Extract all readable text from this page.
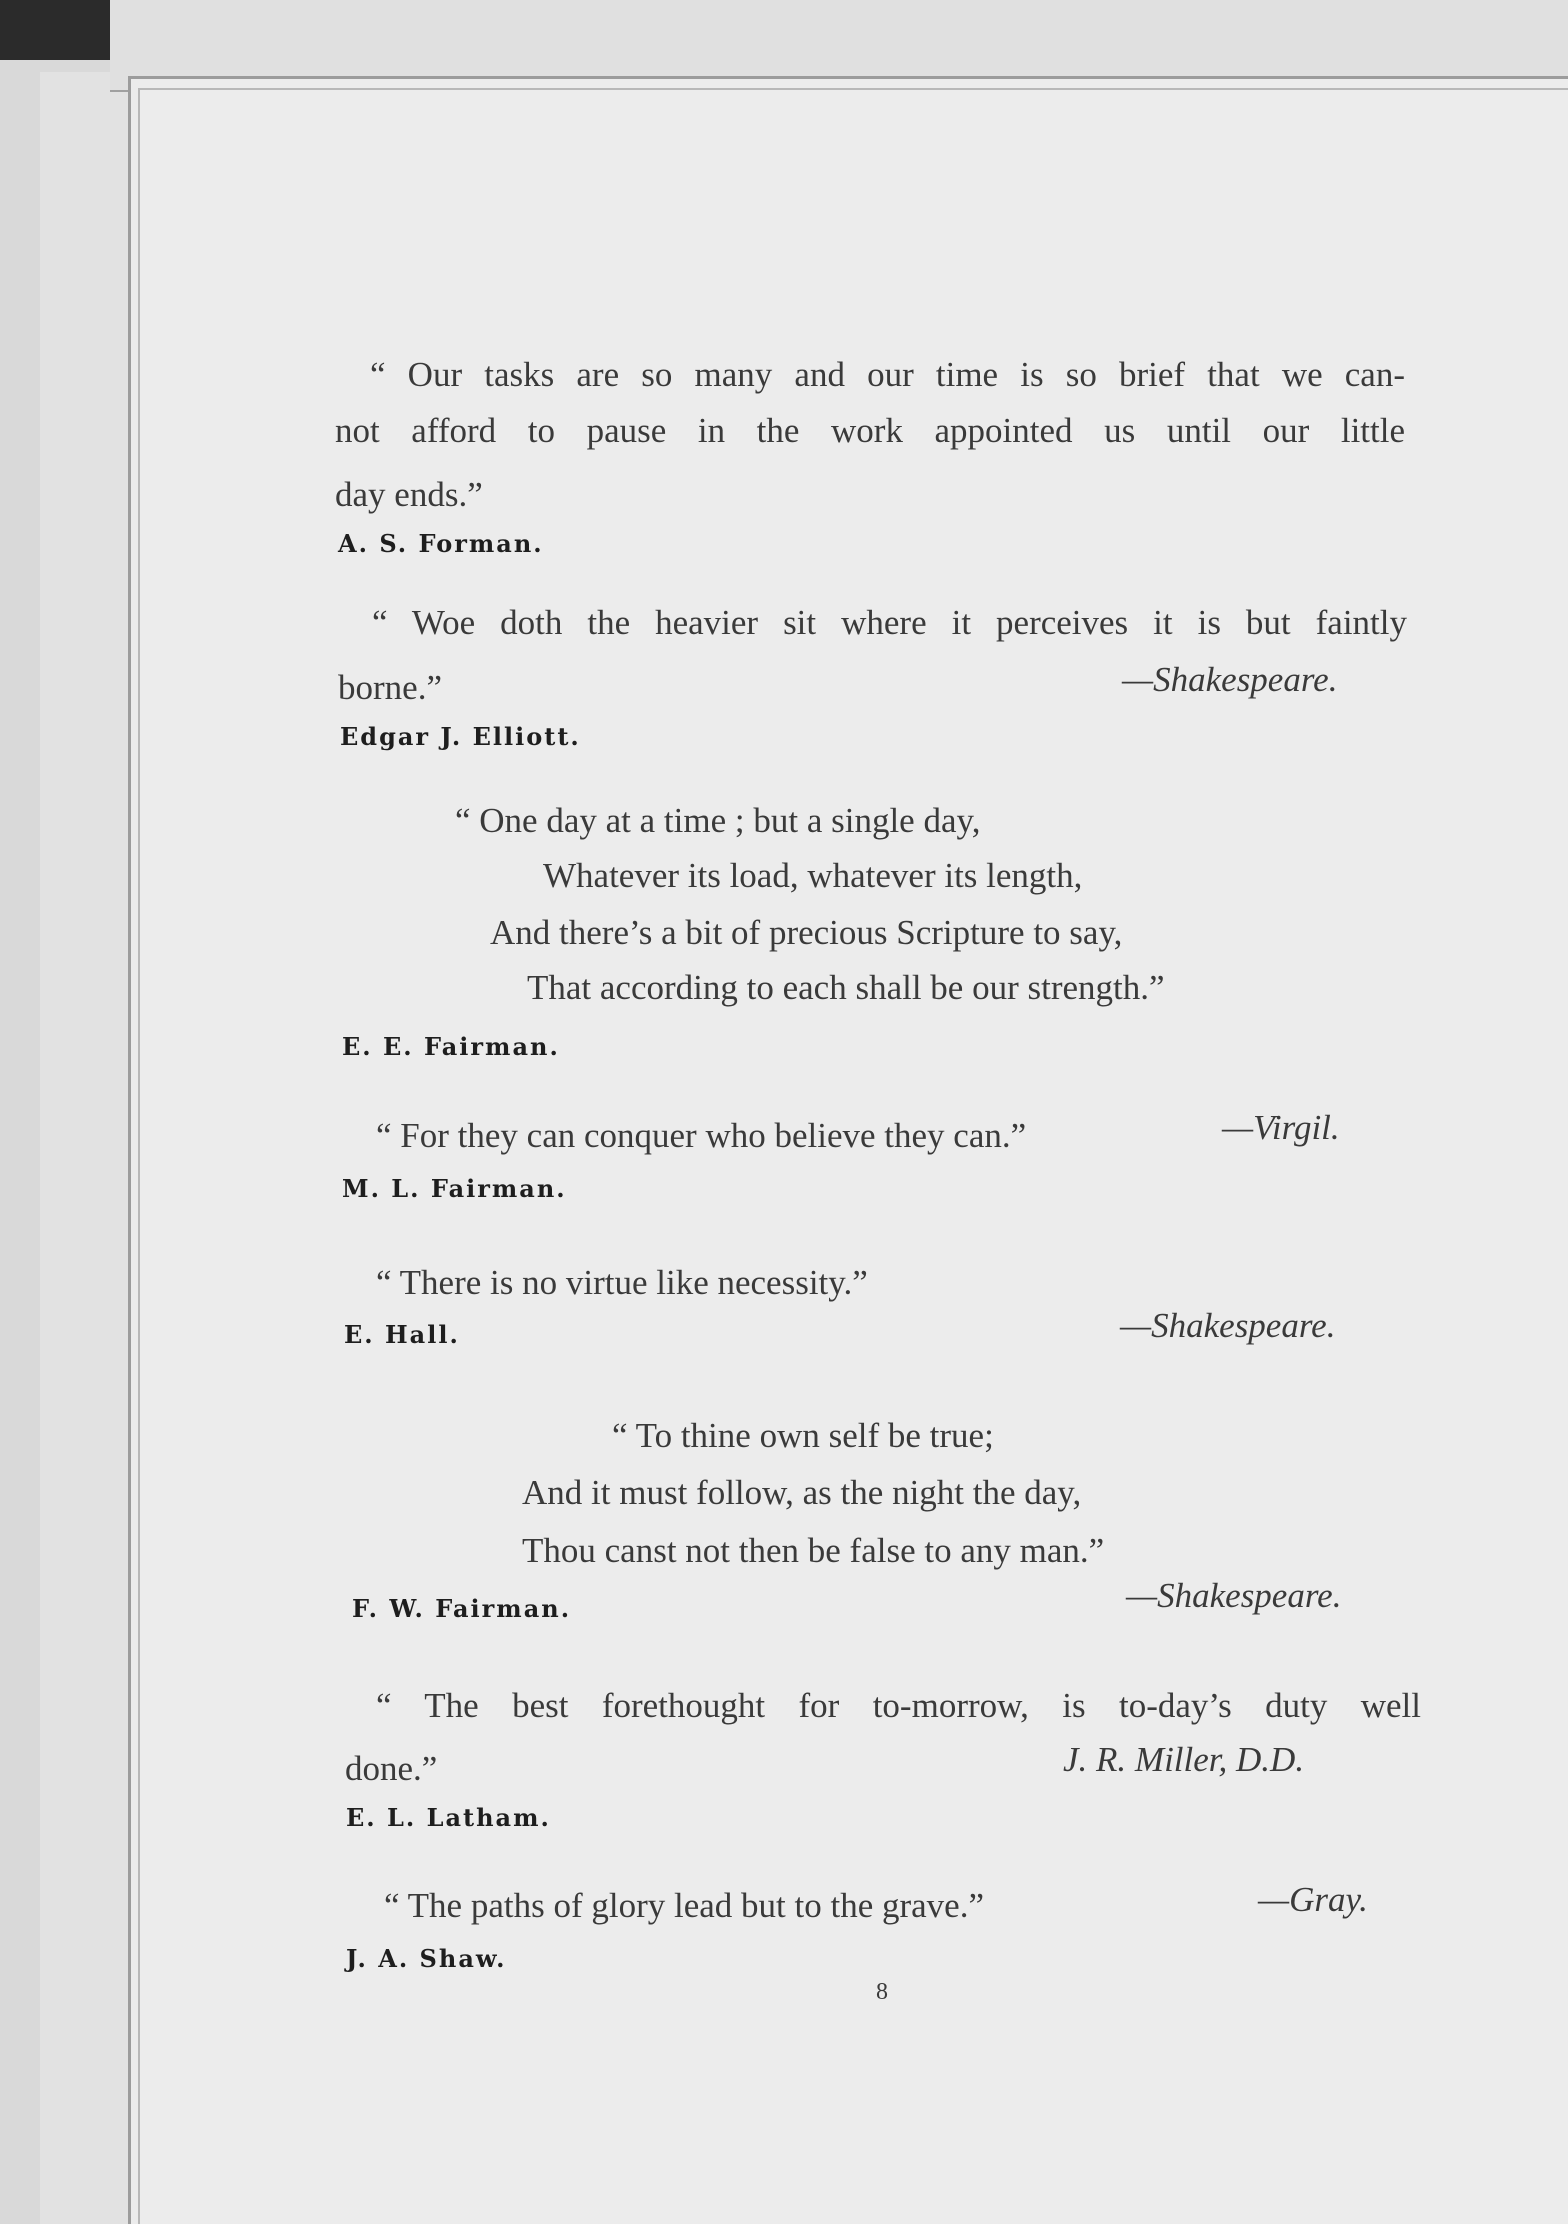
“ Our tasks are so many and our time is so brief that we can-
not afford to pause in the work appointed us until our little
day ends.”
A. S. Forman.
“ Woe doth the heavier sit where it perceives it is but faintly
borne.”	—Shakespeare.
Edgar J. Elliott.
“ One day at a time ; but a single day,
Whatever its load, whatever its length,
And there’s a bit of precious Scripture to say,
That according to each shall be our strength.”
E. E. Fairman.
“ For they can conquer who believe they can.”	—Virgil.
M. L. Fairman.
“ There is no virtue like necessity.”
—Shakespeare.
E. Hall.
“ To thine own self be true;
And it must follow, as the night the day,
Thou canst not then be false to any man.”
—Shakespeare.
F. W. Fairman.
“ The best forethought for to-morrow, is to-day’s duty well
done.”	J. R. Miller, D.D.
E. L. Latham.
“ The paths of glory lead but to the grave.”	—Gray.
J. A. Shaw.
8
